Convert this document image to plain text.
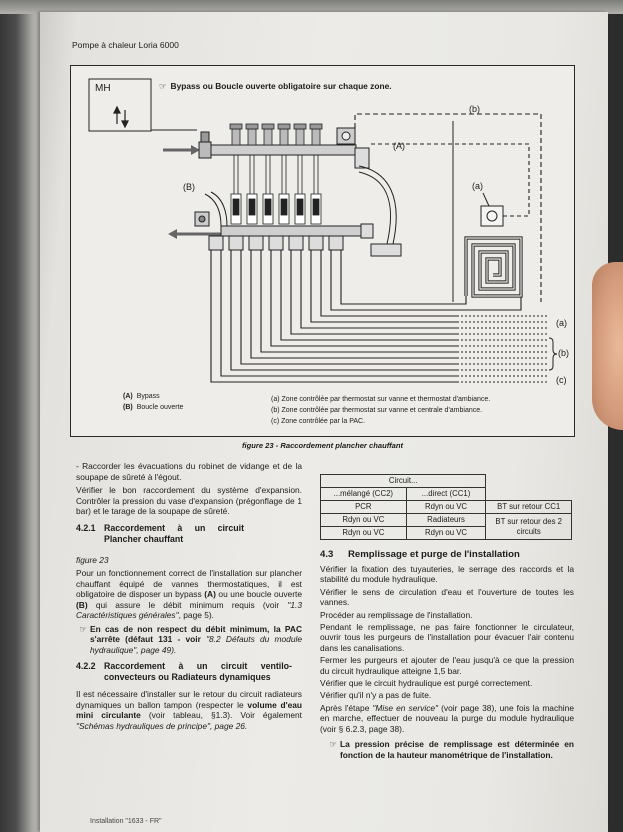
Pompe à chaleur Loria 6000
MH	☞ Bypass ou Boucle ouverte obligatoire sur chaque zone.
(b)
(A)
(B)	(a)
(a)
(b)
(c)
(A) Bypass
(B) Boucle ouverte
(a) Zone contrôlée par thermostat sur vanne et thermostat d'ambiance.
(b) Zone contrôlée par thermostat sur vanne et centrale d'ambiance.
(c) Zone contrôlée par la PAC.
figure 23 - Raccordement plancher chauffant

- Raccorder les évacuations du robinet de vidange et de la soupape de sûreté à l'égout.

Vérifier le bon raccordement du système d'expansion. Contrôler la pression du vase d'expansion (prégonflage de 1 bar) et le tarage de la soupape de sûreté.

4.2.1 Raccordement à un circuit Plancher chauffant

figure 23

Pour un fonctionnement correct de l'installation sur plancher chauffant équipé de vannes thermostatiques, il est obligatoire de disposer un bypass (A) ou une boucle ouverte (B) qui assure le débit minimum requis (voir "1.3 Caractéristiques générales", page 5).

☞ En cas de non respect du débit minimum, la PAC s'arrête (défaut 131 - voir "8.2 Défauts du module hydraulique", page 49).
4.2.2 Raccordement à un circuit ventilo-convecteurs ou Radiateurs dynamiques

Il est nécessaire d'installer sur le retour du circuit radiateurs dynamiques un ballon tampon (respecter le volume d'eau mini circulante (voir tableau, §1.3). Voir également "Schémas hydrauliques de principe", page 26.

Circuit...		
...mélangé (CC2)	...direct (CC1)	
PCR	Rdyn ou VC	BT sur retour CC1
Rdyn ou VC	Radiateurs	BT sur retour des 2 circuits
Rdyn ou VC	Rdyn ou VC	
4.3	Remplissage et purge de l'installation

Vérifier la fixation des tuyauteries, le serrage des raccords et la stabilité du module hydraulique.

Vérifier le sens de circulation d'eau et l'ouverture de toutes les vannes.

Procéder au remplissage de l'installation.

Pendant le remplissage, ne pas faire fonctionner le circulateur, ouvrir tous les purgeurs de l'installation pour évacuer l'air contenu dans les canalisations.

Fermer les purgeurs et ajouter de l'eau jusqu'à ce que la pression du circuit hydraulique atteigne 1,5 bar.

Vérifier que le circuit hydraulique est purgé correctement.

Vérifier qu'il n'y a pas de fuite.

Après l'étape "Mise en service" (voir page 38), une fois la machine en marche, effectuer de nouveau la purge du module hydraulique (voir § 6.2.3, page 38).

☞ La pression précise de remplissage est déterminée en fonction de la hauteur manométrique de l'installation.
Installation "1633 - FR"
